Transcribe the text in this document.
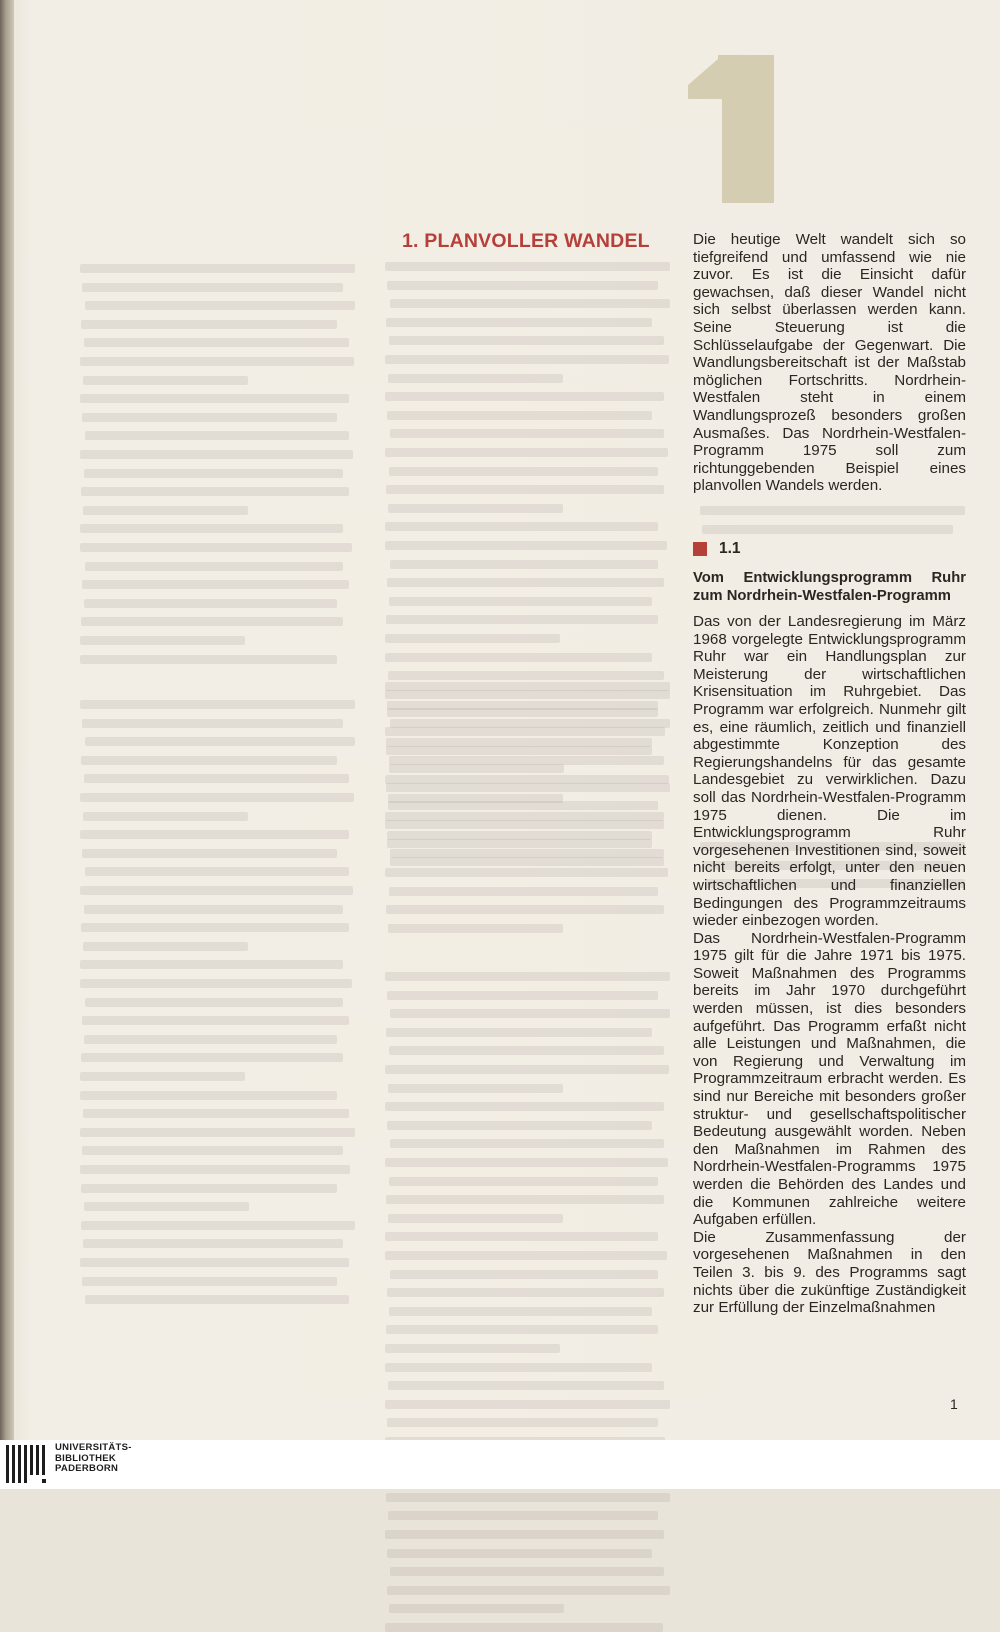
1. PLANVOLLER WANDEL	Die heutige Welt wandelt sich so tiefgreifend und umfassend wie nie zuvor. Es ist die Einsicht dafür gewachsen, daß dieser Wandel nicht sich selbst überlassen werden kann. Seine Steuerung ist die Schlüsselaufgabe der Gegenwart. Die Wandlungsbereitschaft ist der Maßstab möglichen Fortschritts. Nordrhein-Westfalen steht in einem Wandlungsprozeß besonders großen Ausmaßes. Das Nordrhein-Westfalen-Programm 1975 soll zum richtunggebenden Beispiel eines planvollen Wandels werden.
1.1
Vom Entwicklungsprogramm Ruhr zum Nordrhein-Westfalen-Programm

Das von der Landesregierung im März 1968 vorgelegte Entwicklungsprogramm Ruhr war ein Handlungsplan zur Meisterung der wirtschaftlichen Krisensituation im Ruhrgebiet. Das Programm war erfolgreich. Nunmehr gilt es, eine räumlich, zeitlich und finanziell abgestimmte Konzeption des Regierungshandelns für das gesamte Landesgebiet zu verwirklichen. Dazu soll das Nordrhein-Westfalen-Programm 1975 dienen. Die im Entwicklungsprogramm Ruhr vorgesehenen Investitionen sind, soweit nicht bereits erfolgt, unter den neuen wirtschaftlichen und finanziellen Bedingungen des Programmzeitraums wieder einbezogen worden.

Das Nordrhein-Westfalen-Programm 1975 gilt für die Jahre 1971 bis 1975. Soweit Maßnahmen des Programms bereits im Jahr 1970 durchgeführt werden müssen, ist dies besonders aufgeführt. Das Programm erfaßt nicht alle Leistungen und Maßnahmen, die von Regierung und Verwaltung im Programmzeitraum erbracht werden. Es sind nur Bereiche mit besonders großer struktur- und gesellschaftspolitischer Bedeutung ausgewählt worden. Neben den Maßnahmen im Rahmen des Nordrhein-Westfalen-Programms 1975 werden die Behörden des Landes und die Kommunen zahlreiche weitere Aufgaben erfüllen.

Die Zusammenfassung der vorgesehenen Maßnahmen in den Teilen 3. bis 9. des Programms sagt nichts über die zukünftige Zuständigkeit zur Erfüllung der Einzelmaßnahmen

1
UNIVERSITÄTS-
BIBLIOTHEK
PADERBORN
